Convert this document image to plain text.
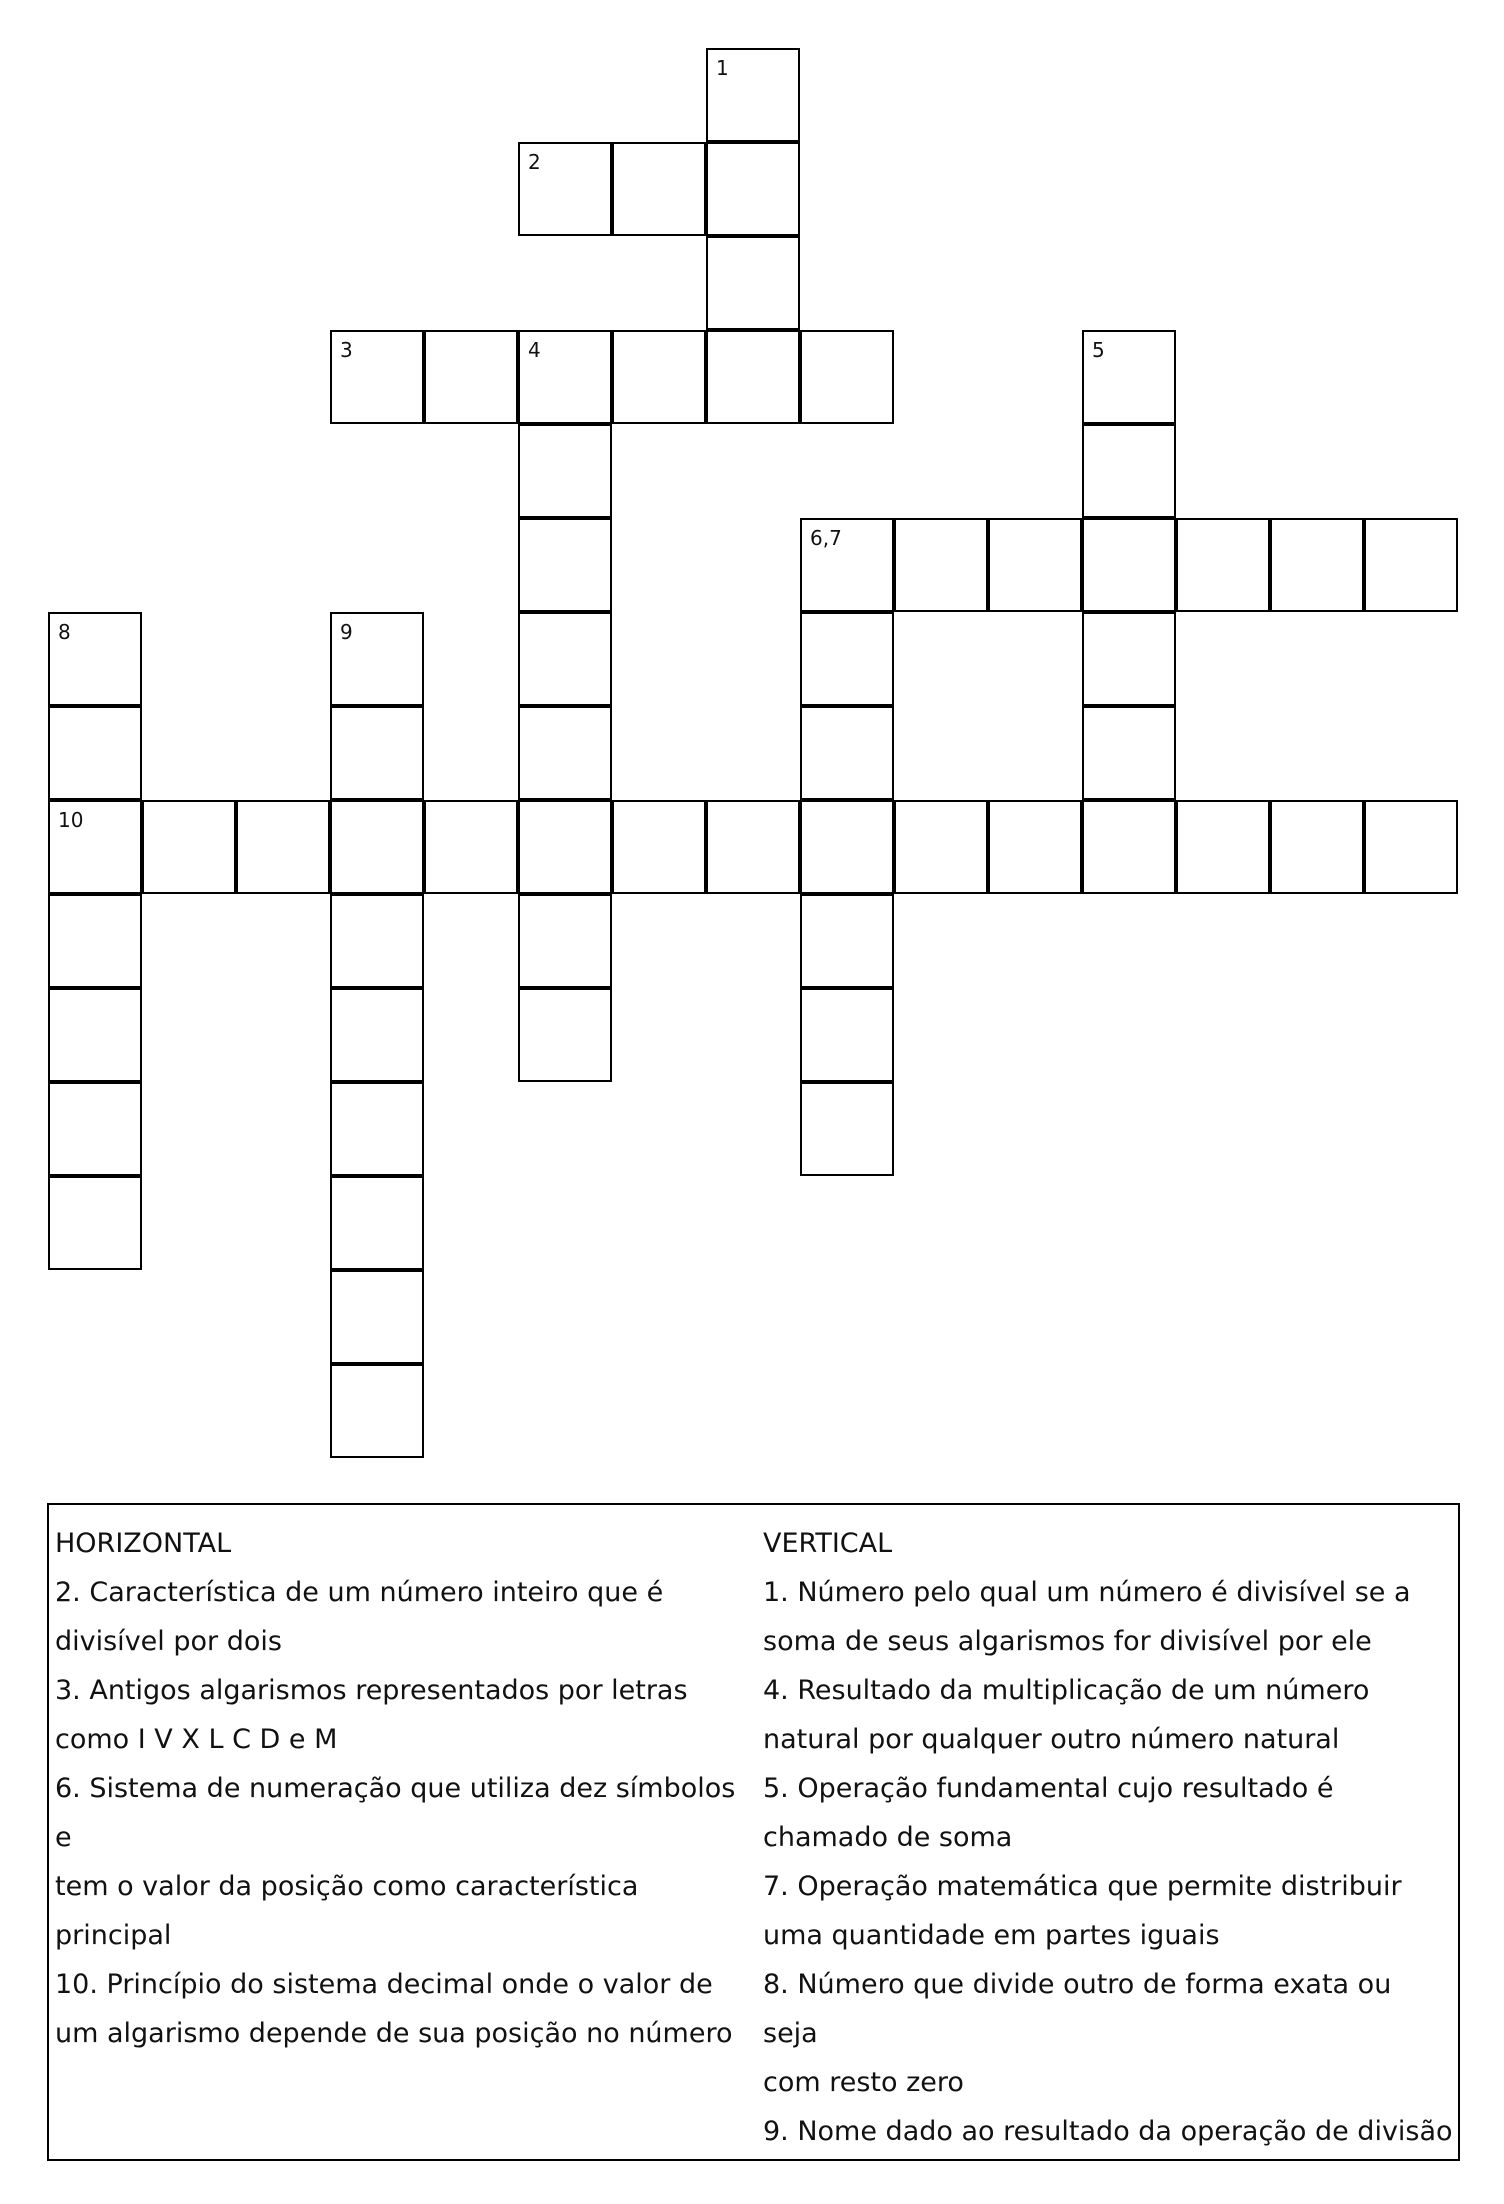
1
2
3	4	5
6,7
8	9
10
HORIZONTAL
2. Característica de um número inteiro que é
divisível por dois
3. Antigos algarismos representados por letras
como I V X L C D e M
6. Sistema de numeração que utiliza dez símbolos e
tem o valor da posição como característica
principal
10. Princípio do sistema decimal onde o valor de
um algarismo depende de sua posição no número
VERTICAL
1. Número pelo qual um número é divisível se a
soma de seus algarismos for divisível por ele
4. Resultado da multiplicação de um número
natural por qualquer outro número natural
5. Operação fundamental cujo resultado é
chamado de soma
7. Operação matemática que permite distribuir
uma quantidade em partes iguais
8. Número que divide outro de forma exata ou seja
com resto zero
9. Nome dado ao resultado da operação de divisão
